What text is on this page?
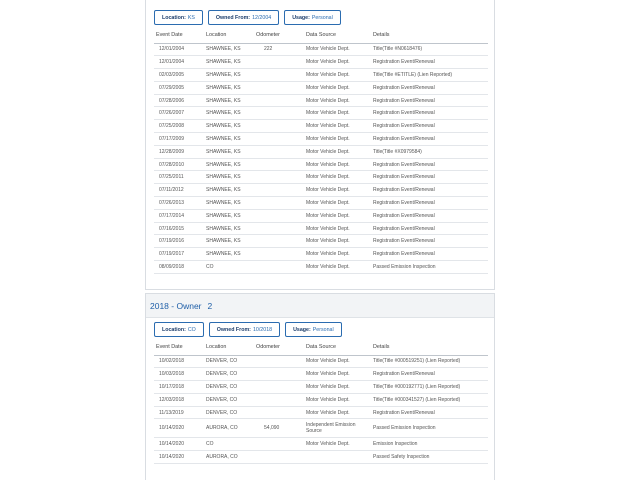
Location: KS	Owned From: 12/2004	Usage: Personal
Event Date	Location	Odometer	Data Source	Details
12/01/2004	SHAWNEE, KS	222	Motor Vehicle Dept.	Title(Title #N0618476)
12/01/2004	SHAWNEE, KS		Motor Vehicle Dept.	Registration Event/Renewal
02/03/2005	SHAWNEE, KS		Motor Vehicle Dept.	Title(Title #ETITLE) (Lien Reported)
07/29/2005	SHAWNEE, KS		Motor Vehicle Dept.	Registration Event/Renewal
07/28/2006	SHAWNEE, KS		Motor Vehicle Dept.	Registration Event/Renewal
07/26/2007	SHAWNEE, KS		Motor Vehicle Dept.	Registration Event/Renewal
07/25/2008	SHAWNEE, KS		Motor Vehicle Dept.	Registration Event/Renewal
07/17/2009	SHAWNEE, KS		Motor Vehicle Dept.	Registration Event/Renewal
12/28/2009	SHAWNEE, KS		Motor Vehicle Dept.	Title(Title #X0979584)
07/28/2010	SHAWNEE, KS		Motor Vehicle Dept.	Registration Event/Renewal
07/25/2011	SHAWNEE, KS		Motor Vehicle Dept.	Registration Event/Renewal
07/11/2012	SHAWNEE, KS		Motor Vehicle Dept.	Registration Event/Renewal
07/26/2013	SHAWNEE, KS		Motor Vehicle Dept.	Registration Event/Renewal
07/17/2014	SHAWNEE, KS		Motor Vehicle Dept.	Registration Event/Renewal
07/16/2015	SHAWNEE, KS		Motor Vehicle Dept.	Registration Event/Renewal
07/19/2016	SHAWNEE, KS		Motor Vehicle Dept.	Registration Event/Renewal
07/19/2017	SHAWNEE, KS		Motor Vehicle Dept.	Registration Event/Renewal
08/09/2018	CO		Motor Vehicle Dept.	Passed Emission Inspection
2018 - Owner 2
Location: CO	Owned From: 10/2018	Usage: Personal
Event Date	Location	Odometer	Data Source	Details
10/02/2018	DENVER, CO		Motor Vehicle Dept.	Title(Title #000519251) (Lien Reported)
10/03/2018	DENVER, CO		Motor Vehicle Dept.	Registration Event/Renewal
10/17/2018	DENVER, CO		Motor Vehicle Dept.	Title(Title #000192771) (Lien Reported)
12/03/2018	DENVER, CO		Motor Vehicle Dept.	Title(Title #000341527) (Lien Reported)
11/13/2019	DENVER, CO		Motor Vehicle Dept.	Registration Event/Renewal
10/14/2020	AURORA, CO	54,090	Independent Emission Source	Passed Emission Inspection
10/14/2020	CO		Motor Vehicle Dept.	Emission Inspection
10/14/2020	AURORA, CO			Passed Safety Inspection
